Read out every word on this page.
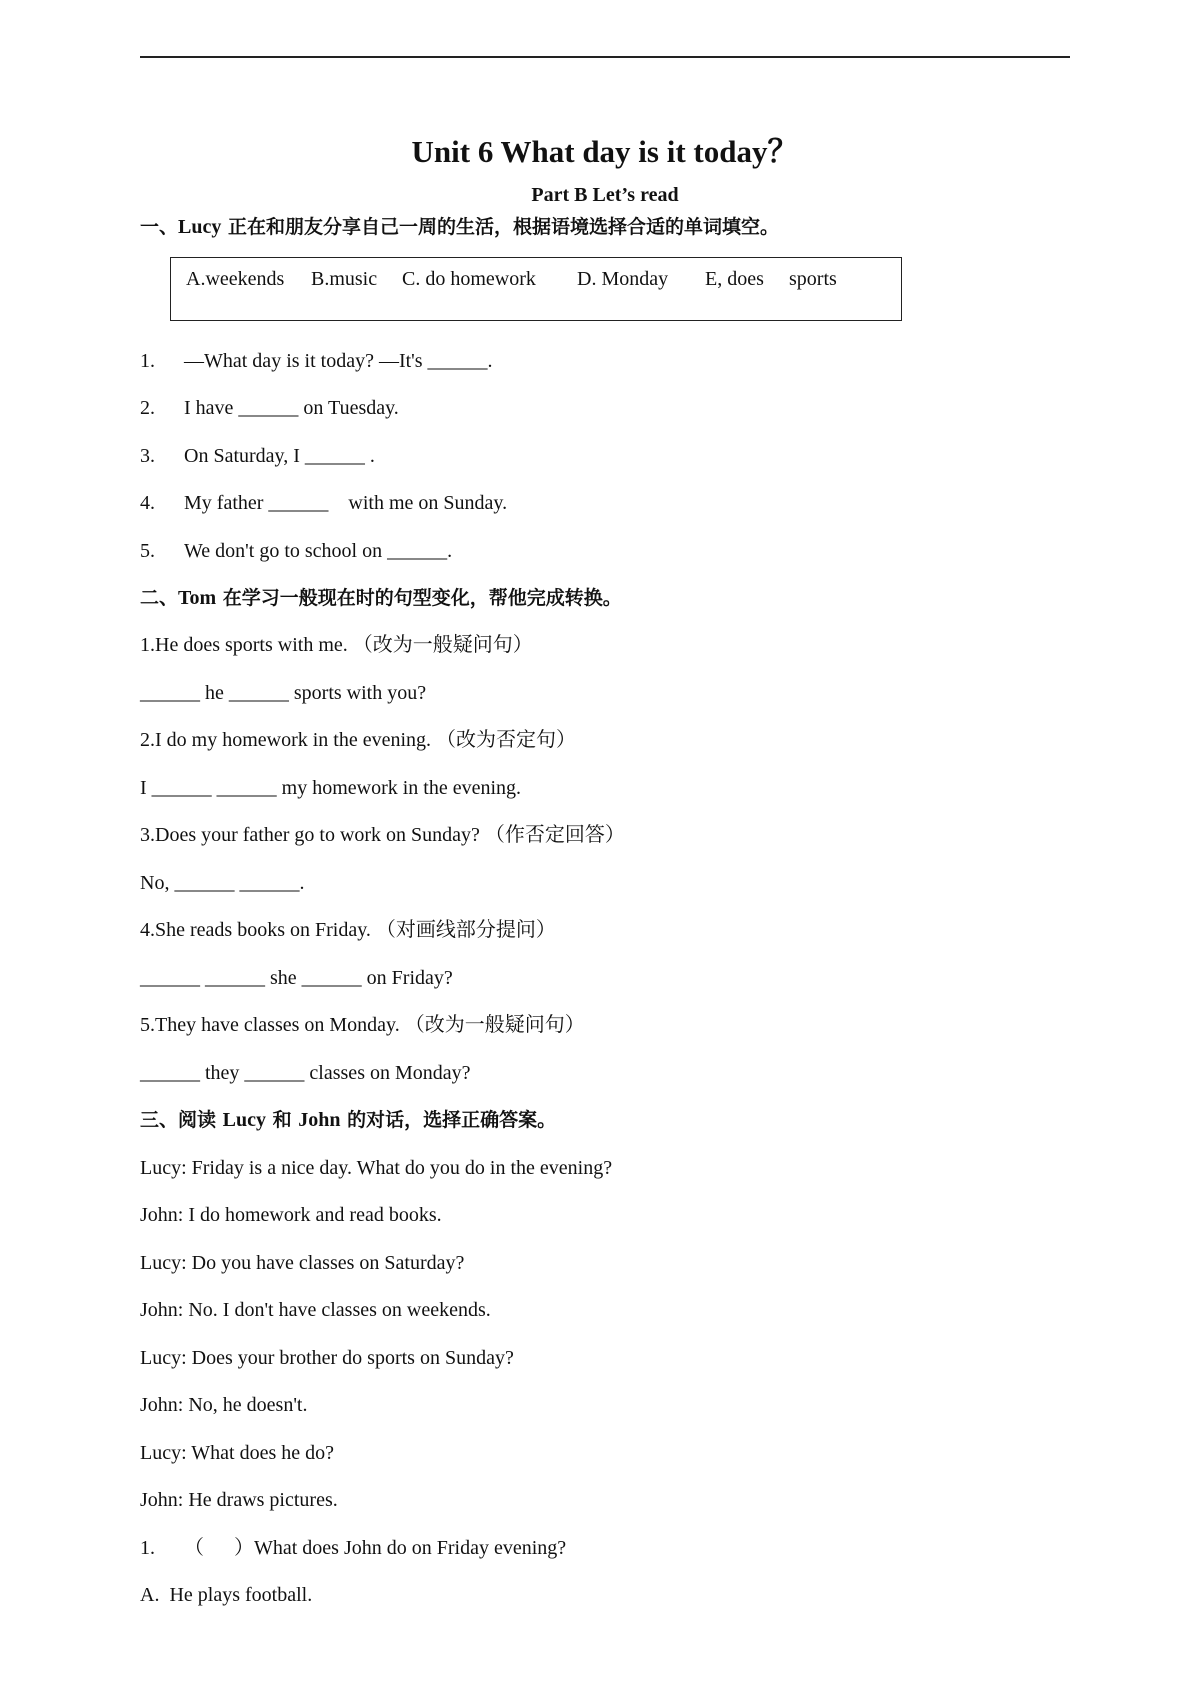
Unit 6 What day is it today？
Part B Let’s read
一、Lucy 正在和朋友分享自己一周的生活，根据语境选择合适的单词填空。
A.weekends B.music C. do homework D. Monday E, does sports
1. —What day is it today? —It's ______.
2. I have ______ on Tuesday.
3. On Saturday, I ______ .
4. My father ______    with me on Sunday.
5. We don't go to school on ______.
二、Tom 在学习一般现在时的句型变化，帮他完成转换。
1.He does sports with me. （改为一般疑问句）
______ he ______ sports with you?
2.I do my homework in the evening. （改为否定句）
I ______ ______ my homework in the evening.
3.Does your father go to work on Sunday? （作否定回答）
No, ______ ______.
4.She reads books on Friday. （对画线部分提问）
______ ______ she ______ on Friday?
5.They have classes on Monday. （改为一般疑问句）
______ they ______ classes on Monday?
三、阅读 Lucy 和 John 的对话，选择正确答案。
Lucy: Friday is a nice day. What do you do in the evening?
John: I do homework and read books.
Lucy: Do you have classes on Saturday?
John: No. I don't have classes on weekends.
Lucy: Does your brother do sports on Sunday?
John: No, he doesn't.
Lucy: What does he do?
John: He draws pictures.
1. （      ）What does John do on Friday evening?
A.  He plays football.
